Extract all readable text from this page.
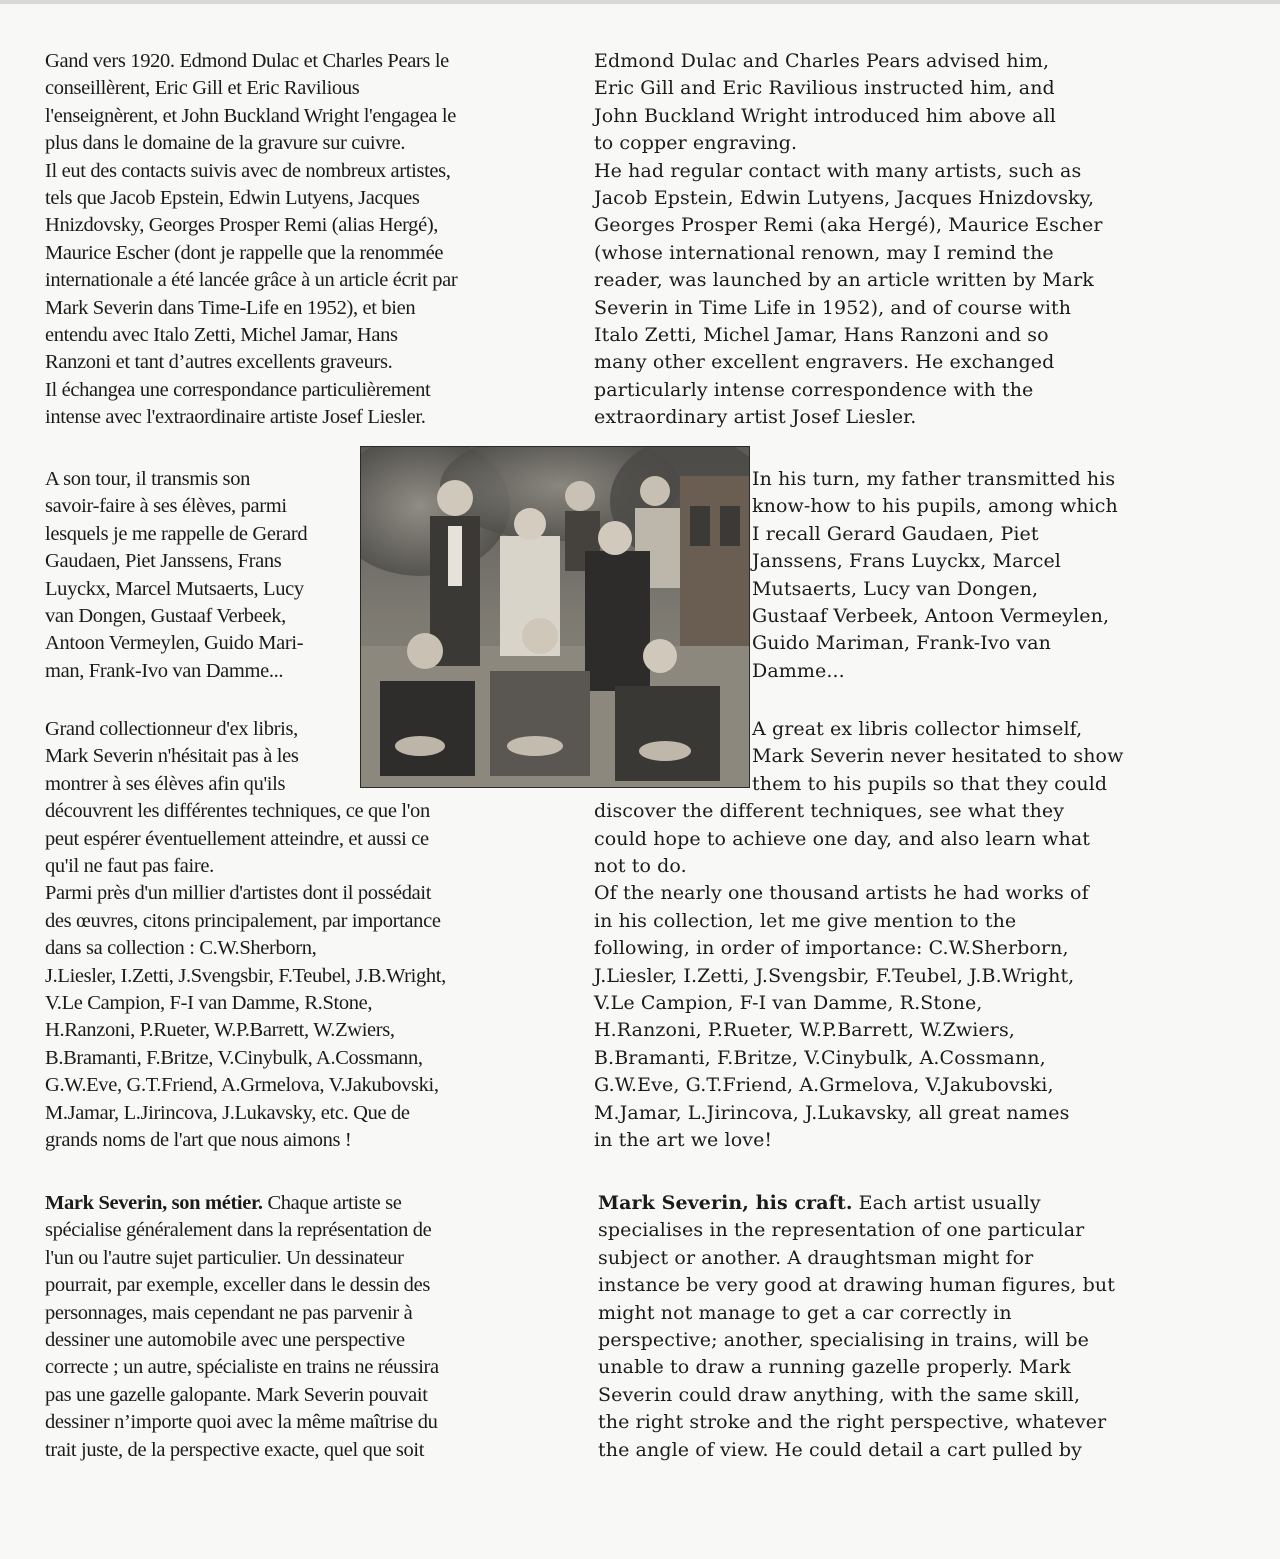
Gand vers 1920. Edmond Dulac et Charles Pears le
conseillèrent, Eric Gill et Eric Ravilious
l'enseignèrent, et John Buckland Wright l'engagea le
plus dans le domaine de la gravure sur cuivre.
Il eut des contacts suivis avec de nombreux artistes,
tels que Jacob Epstein, Edwin Lutyens, Jacques
Hnizdovsky, Georges Prosper Remi (alias Hergé),
Maurice Escher (dont je rappelle que la renommée
internationale a été lancée grâce à un article écrit par
Mark Severin dans Time-Life en 1952), et bien
entendu avec Italo Zetti, Michel Jamar, Hans
Ranzoni et tant d’autres excellents graveurs.
Il échangea une correspondance particulièrement
intense avec l'extraordinaire artiste Josef Liesler.
A son tour, il transmis son
savoir-faire à ses élèves, parmi
lesquels je me rappelle de Gerard
Gaudaen, Piet Janssens, Frans
Luyckx, Marcel Mutsaerts, Lucy
van Dongen, Gustaaf Verbeek,
Antoon Vermeylen, Guido Mari-
man, Frank-Ivo van Damme...
Grand collectionneur d'ex libris,
Mark Severin n'hésitait pas à les
montrer à ses élèves afin qu'ils
découvrent les différentes techniques, ce que l'on
peut espérer éventuellement atteindre, et aussi ce
qu'il ne faut pas faire.
Parmi près d'un millier d'artistes dont il possédait
des œuvres, citons principalement, par importance
dans sa collection : C.W.Sherborn,
J.Liesler, I.Zetti, J.Svengsbir, F.Teubel, J.B.Wright,
V.Le Campion, F-I van Damme, R.Stone,
H.Ranzoni, P.Rueter, W.P.Barrett, W.Zwiers,
B.Bramanti, F.Britze, V.Cinybulk, A.Cossmann,
G.W.Eve, G.T.Friend, A.Grmelova, V.Jakubovski,
M.Jamar, L.Jirincova, J.Lukavsky, etc. Que de
grands noms de l'art que nous aimons !
Mark Severin, son métier. Chaque artiste se
spécialise généralement dans la représentation de
l'un ou l'autre sujet particulier. Un dessinateur
pourrait, par exemple, exceller dans le dessin des
personnages, mais cependant ne pas parvenir à
dessiner une automobile avec une perspective
correcte ; un autre, spécialiste en trains ne réussira
pas une gazelle galopante. Mark Severin pouvait
dessiner n’importe quoi avec la même maîtrise du
trait juste, de la perspective exacte, quel que soit
Edmond Dulac and Charles Pears advised him,
Eric Gill and Eric Ravilious instructed him, and
John Buckland Wright introduced him above all
to copper engraving.
He had regular contact with many artists, such as
Jacob Epstein, Edwin Lutyens, Jacques Hnizdovsky,
Georges Prosper Remi (aka Hergé), Maurice Escher
(whose international renown, may I remind the
reader, was launched by an article written by Mark
Severin in Time Life in 1952), and of course with
Italo Zetti, Michel Jamar, Hans Ranzoni and so
many other excellent engravers. He exchanged
particularly intense correspondence with the
extraordinary artist Josef Liesler.
In his turn, my father transmitted his
know-how to his pupils, among which
I recall Gerard Gaudaen, Piet
Janssens, Frans Luyckx, Marcel
Mutsaerts, Lucy van Dongen,
Gustaaf Verbeek, Antoon Vermeylen,
Guido Mariman, Frank-Ivo van
Damme...
A great ex libris collector himself,
Mark Severin never hesitated to show
them to his pupils so that they could
discover the different techniques, see what they
could hope to achieve one day, and also learn what
not to do.
Of the nearly one thousand artists he had works of
in his collection, let me give mention to the
following, in order of importance: C.W.Sherborn,
J.Liesler, I.Zetti, J.Svengsbir, F.Teubel, J.B.Wright,
V.Le Campion, F-I van Damme, R.Stone,
H.Ranzoni, P.Rueter, W.P.Barrett, W.Zwiers,
B.Bramanti, F.Britze, V.Cinybulk, A.Cossmann,
G.W.Eve, G.T.Friend, A.Grmelova, V.Jakubovski,
M.Jamar, L.Jirincova, J.Lukavsky, all great names
in the art we love!
Mark Severin, his craft. Each artist usually
specialises in the representation of one particular
subject or another. A draughtsman might for
instance be very good at drawing human figures, but
might not manage to get a car correctly in
perspective; another, specialising in trains, will be
unable to draw a running gazelle properly. Mark
Severin could draw anything, with the same skill,
the right stroke and the right perspective, whatever
the angle of view. He could detail a cart pulled by
